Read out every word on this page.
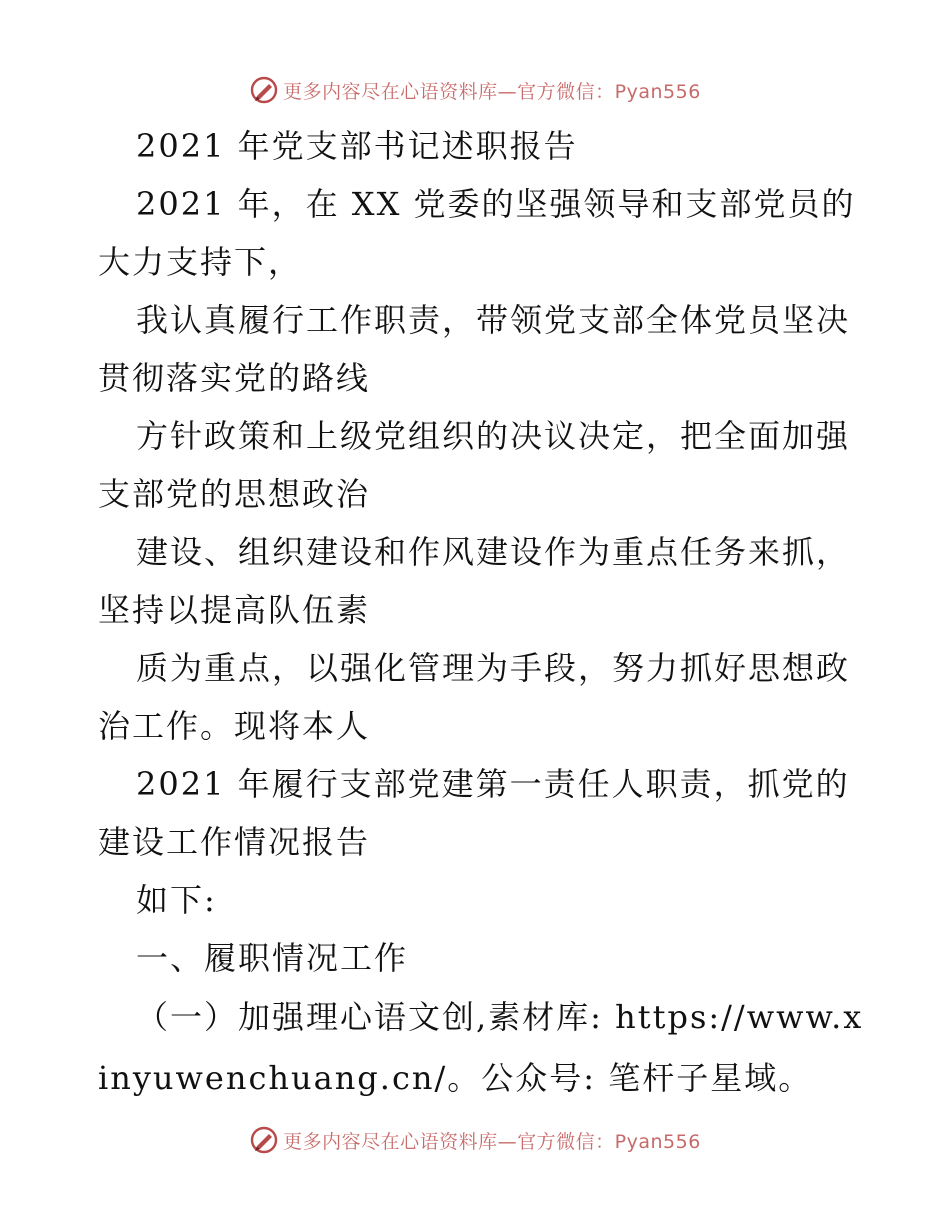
更多内容尽在心语资料库—官方微信：Pyan556

2021 年党支部书记述职报告

2021 年，在 XX 党委的坚强领导和支部党员的大力支持下，

我认真履行工作职责，带领党支部全体党员坚决贯彻落实党的路线

方针政策和上级党组织的决议决定，把全面加强支部党的思想政治

建设、组织建设和作风建设作为重点任务来抓，坚持以提高队伍素

质为重点，以强化管理为手段，努力抓好思想政治工作。现将本人

2021 年履行支部党建第一责任人职责，抓党的建设工作情况报告

如下:

一、履职情况工作

（一）加强理心语文创,素材库: https://www.xinyuwenchuang.cn/。公众号: 笔杆子星域。

更多内容尽在心语资料库—官方微信：Pyan556
